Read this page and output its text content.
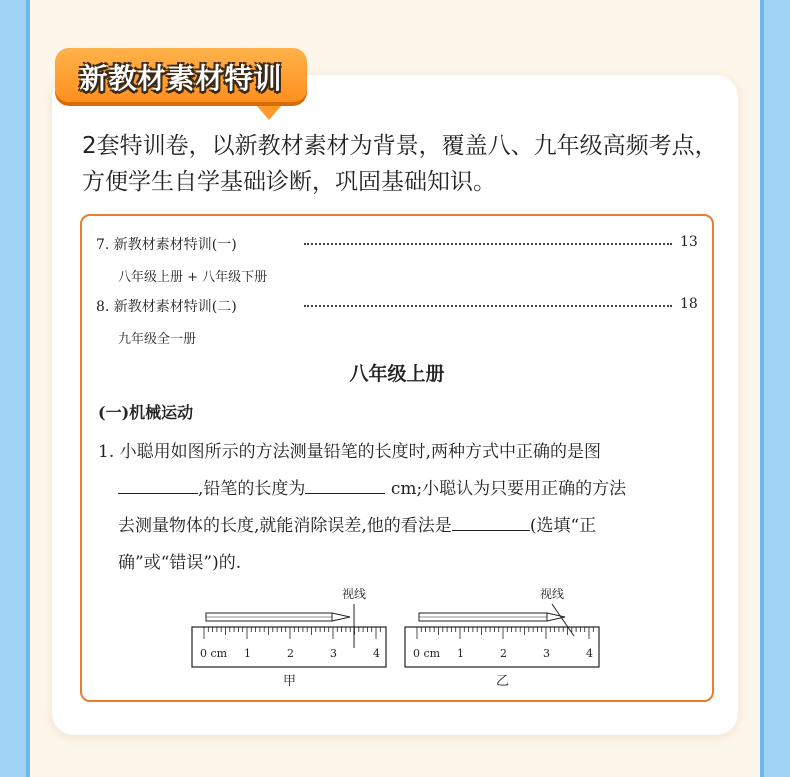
新教材素材特训
2套特训卷，以新教材素材为背景，覆盖八、九年级高频考点，方便学生自学基础诊断，巩固基础知识。
7. 新教材素材特训(一)	13
八年级上册 + 八年级下册
8. 新教材素材特训(二)	18
九年级全一册
八年级上册
(一)机械运动
1. 小聪用如图所示的方法测量铅笔的长度时,两种方式中正确的是图
,铅笔的长度为	cm;小聪认为只要用正确的方法
去测量物体的长度,就能消除误差,他的看法是	(选填“正
确”或“错误”)的.
0 cm 1	2	3	4
视线
甲
0 cm 1	2	3	4
视线
乙
